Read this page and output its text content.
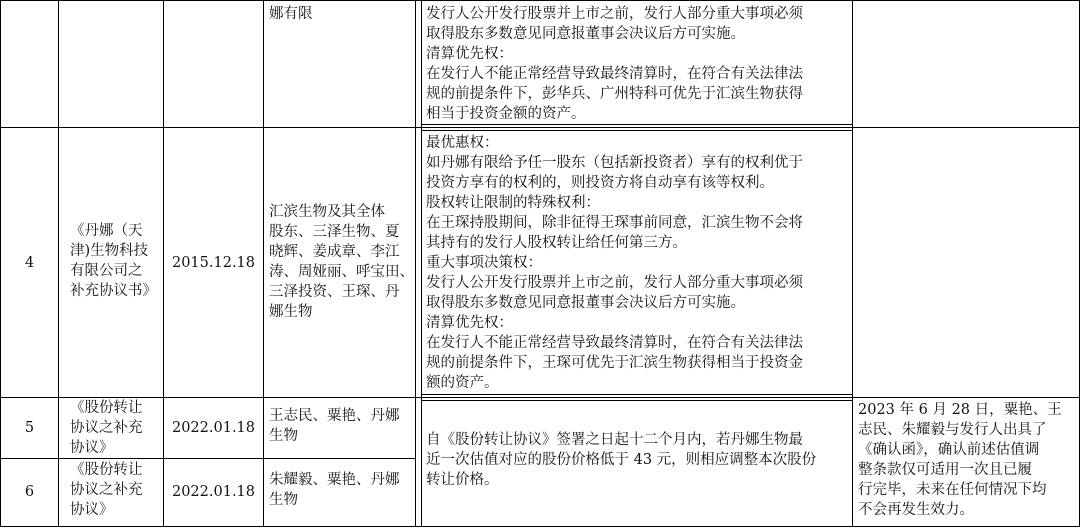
娜有限	发行人公开发行股票并上市之前，发行人部分重大事项必须

取得股东多数意见同意报董事会决议后方可实施。

清算优先权：

在发行人不能正常经营导致最终清算时，在符合有关法律法

规的前提条件下，彭华兵、广州特科可优先于汇滨生物获得

相当于投资金额的资产。

4

《丹娜（天

津)生物科技

有限公司之

补充协议书》

2015.12.18

汇滨生物及其全体

股东、三泽生物、夏

晓辉、姜成章、李江

涛、周娅丽、呼宝田、

三泽投资、王琛、丹

娜生物

最优惠权：

如丹娜有限给予任一股东（包括新投资者）享有的权利优于

投资方享有的权利的，则投资方将自动享有该等权利。

股权转让限制的特殊权利：

在王琛持股期间，除非征得王琛事前同意，汇滨生物不会将

其持有的发行人股权转让给任何第三方。

重大事项决策权：

发行人公开发行股票并上市之前，发行人部分重大事项必须

取得股东多数意见同意报董事会决议后方可实施。

清算优先权：

在发行人不能正常经营导致最终清算时，在符合有关法律法

规的前提条件下，王琛可优先于汇滨生物获得相当于投资金

额的资产。

5

《股份转让

协议之补充

协议》

2022.01.18

王志民、粟艳、丹娜

生物

6

《股份转让

协议之补充

协议》

2022.01.18

朱耀毅、粟艳、丹娜

生物

自《股份转让协议》签署之日起十二个月内，若丹娜生物最

近一次估值对应的股份价格低于 43 元，则相应调整本次股份

转让价格。

2023 年 6 月 28 日，粟艳、王

志民、朱耀毅与发行人出具了

《确认函》，确认前述估值调

整条款仅可适用一次且已履

行完毕，未来在任何情况下均

不会再发生效力。
